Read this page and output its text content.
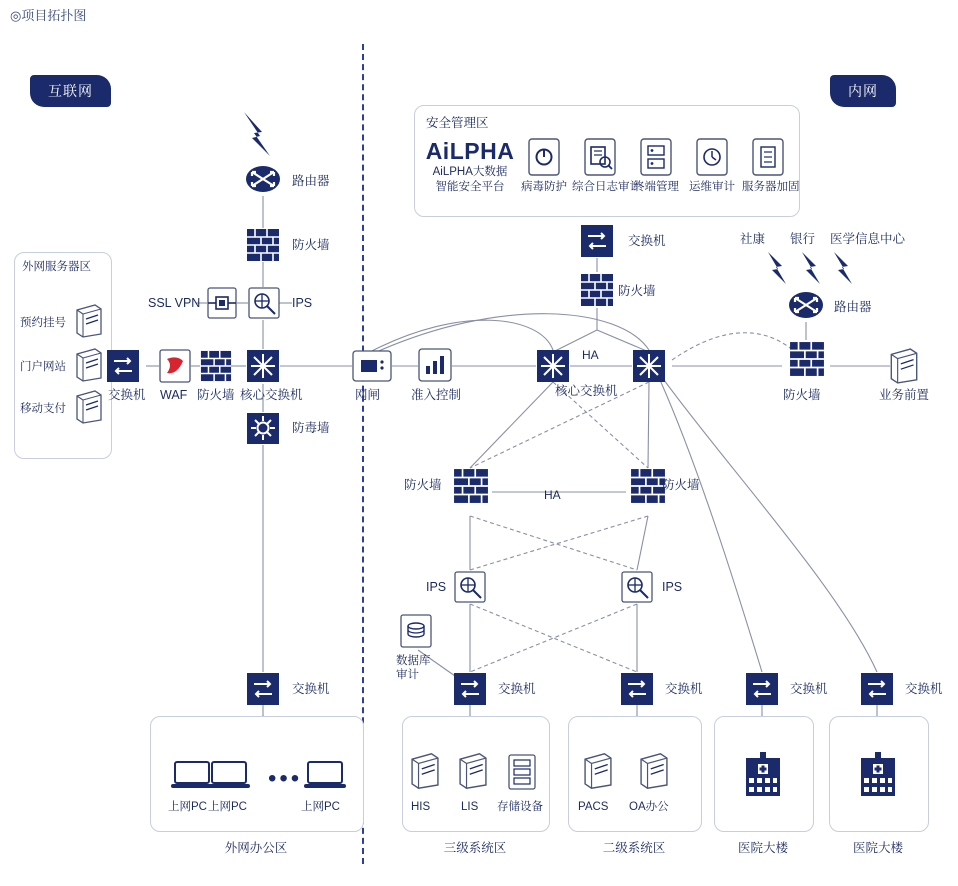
◎项目拓扑图
互联网	内网
安全管理区
AiLPHA
AiLPHA大数据
智能安全平台	病毒防护 综合日志审计
终端管理 运维审计 服务器加固
外网服务器区
预约挂号
门户网站
移动支付
路由器
防火墙
SSL VPN	IPS
交换机 WAF 防火墙 核心交换机
防毒墙
网闸 准入控制
交换机
防火墙
HA
核心交换机
防火墙	防火墙
HA
IPS	IPS
数据库
审计
交换机	交换机	交换机	交换机	交换机
社康 银行 医学信息中心
路由器
防火墙	业务前置
•••
上网PC 上网PC	上网PC
外网办公区
HIS	LIS 存储设备
三级系统区
PACS OA办公
二级系统区	医院大楼	医院大楼
